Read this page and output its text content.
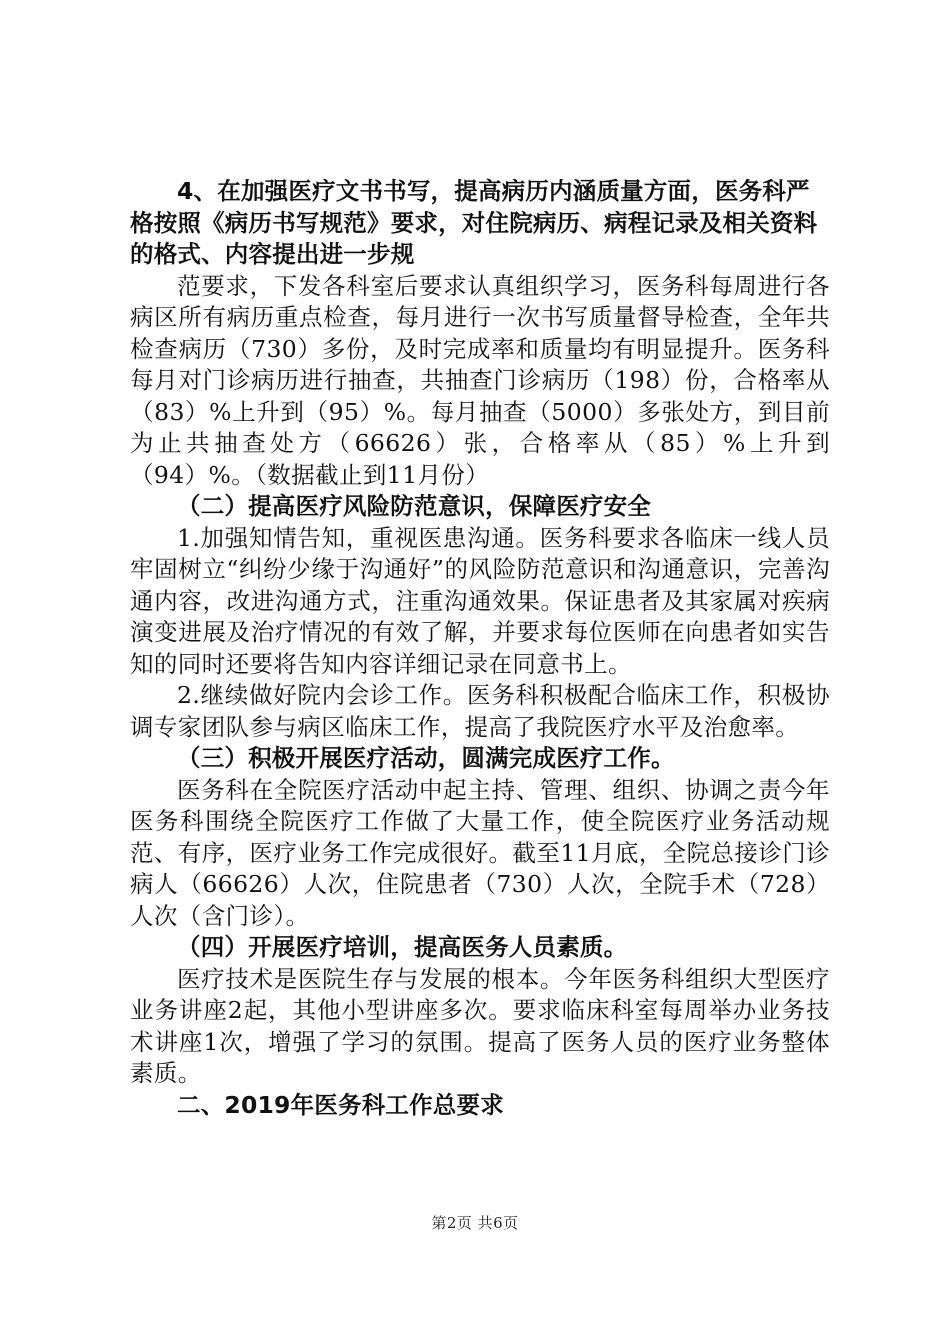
4、在加强医疗文书书写，提高病历内涵质量方面，医务科严格按照《病历书写规范》要求，对住院病历、病程记录及相关资料的格式、内容提出进一步规

范要求，下发各科室后要求认真组织学习，医务科每周进行各病区所有病历重点检查，每月进行一次书写质量督导检查，全年共检查病历（730）多份，及时完成率和质量均有明显提升。医务科每月对门诊病历进行抽查，共抽查门诊病历（198）份，合格率从（83）%上升到（95）%。每月抽查（5000）多张处方，到目前为止共抽查处方（66626）张，合格率从（85）%上升到（94）%。（数据截止到11月份）

（二）提高医疗风险防范意识，保障医疗安全

1.加强知情告知，重视医患沟通。医务科要求各临床一线人员牢固树立“纠纷少缘于沟通好”的风险防范意识和沟通意识，完善沟通内容，改进沟通方式，注重沟通效果。保证患者及其家属对疾病演变进展及治疗情况的有效了解，并要求每位医师在向患者如实告知的同时还要将告知内容详细记录在同意书上。

2.继续做好院内会诊工作。医务科积极配合临床工作，积极协调专家团队参与病区临床工作，提高了我院医疗水平及治愈率。

（三）积极开展医疗活动，圆满完成医疗工作。

医务科在全院医疗活动中起主持、管理、组织、协调之责今年医务科围绕全院医疗工作做了大量工作，使全院医疗业务活动规范、有序，医疗业务工作完成很好。截至11月底，全院总接诊门诊病人（66626）人次，住院患者（730）人次，全院手术（728）人次（含门诊）。

（四）开展医疗培训，提高医务人员素质。

医疗技术是医院生存与发展的根本。今年医务科组织大型医疗业务讲座2起，其他小型讲座多次。要求临床科室每周举办业务技术讲座1次，增强了学习的氛围。提高了医务人员的医疗业务整体素质。

二、2019年医务科工作总要求

第2页 共6页
